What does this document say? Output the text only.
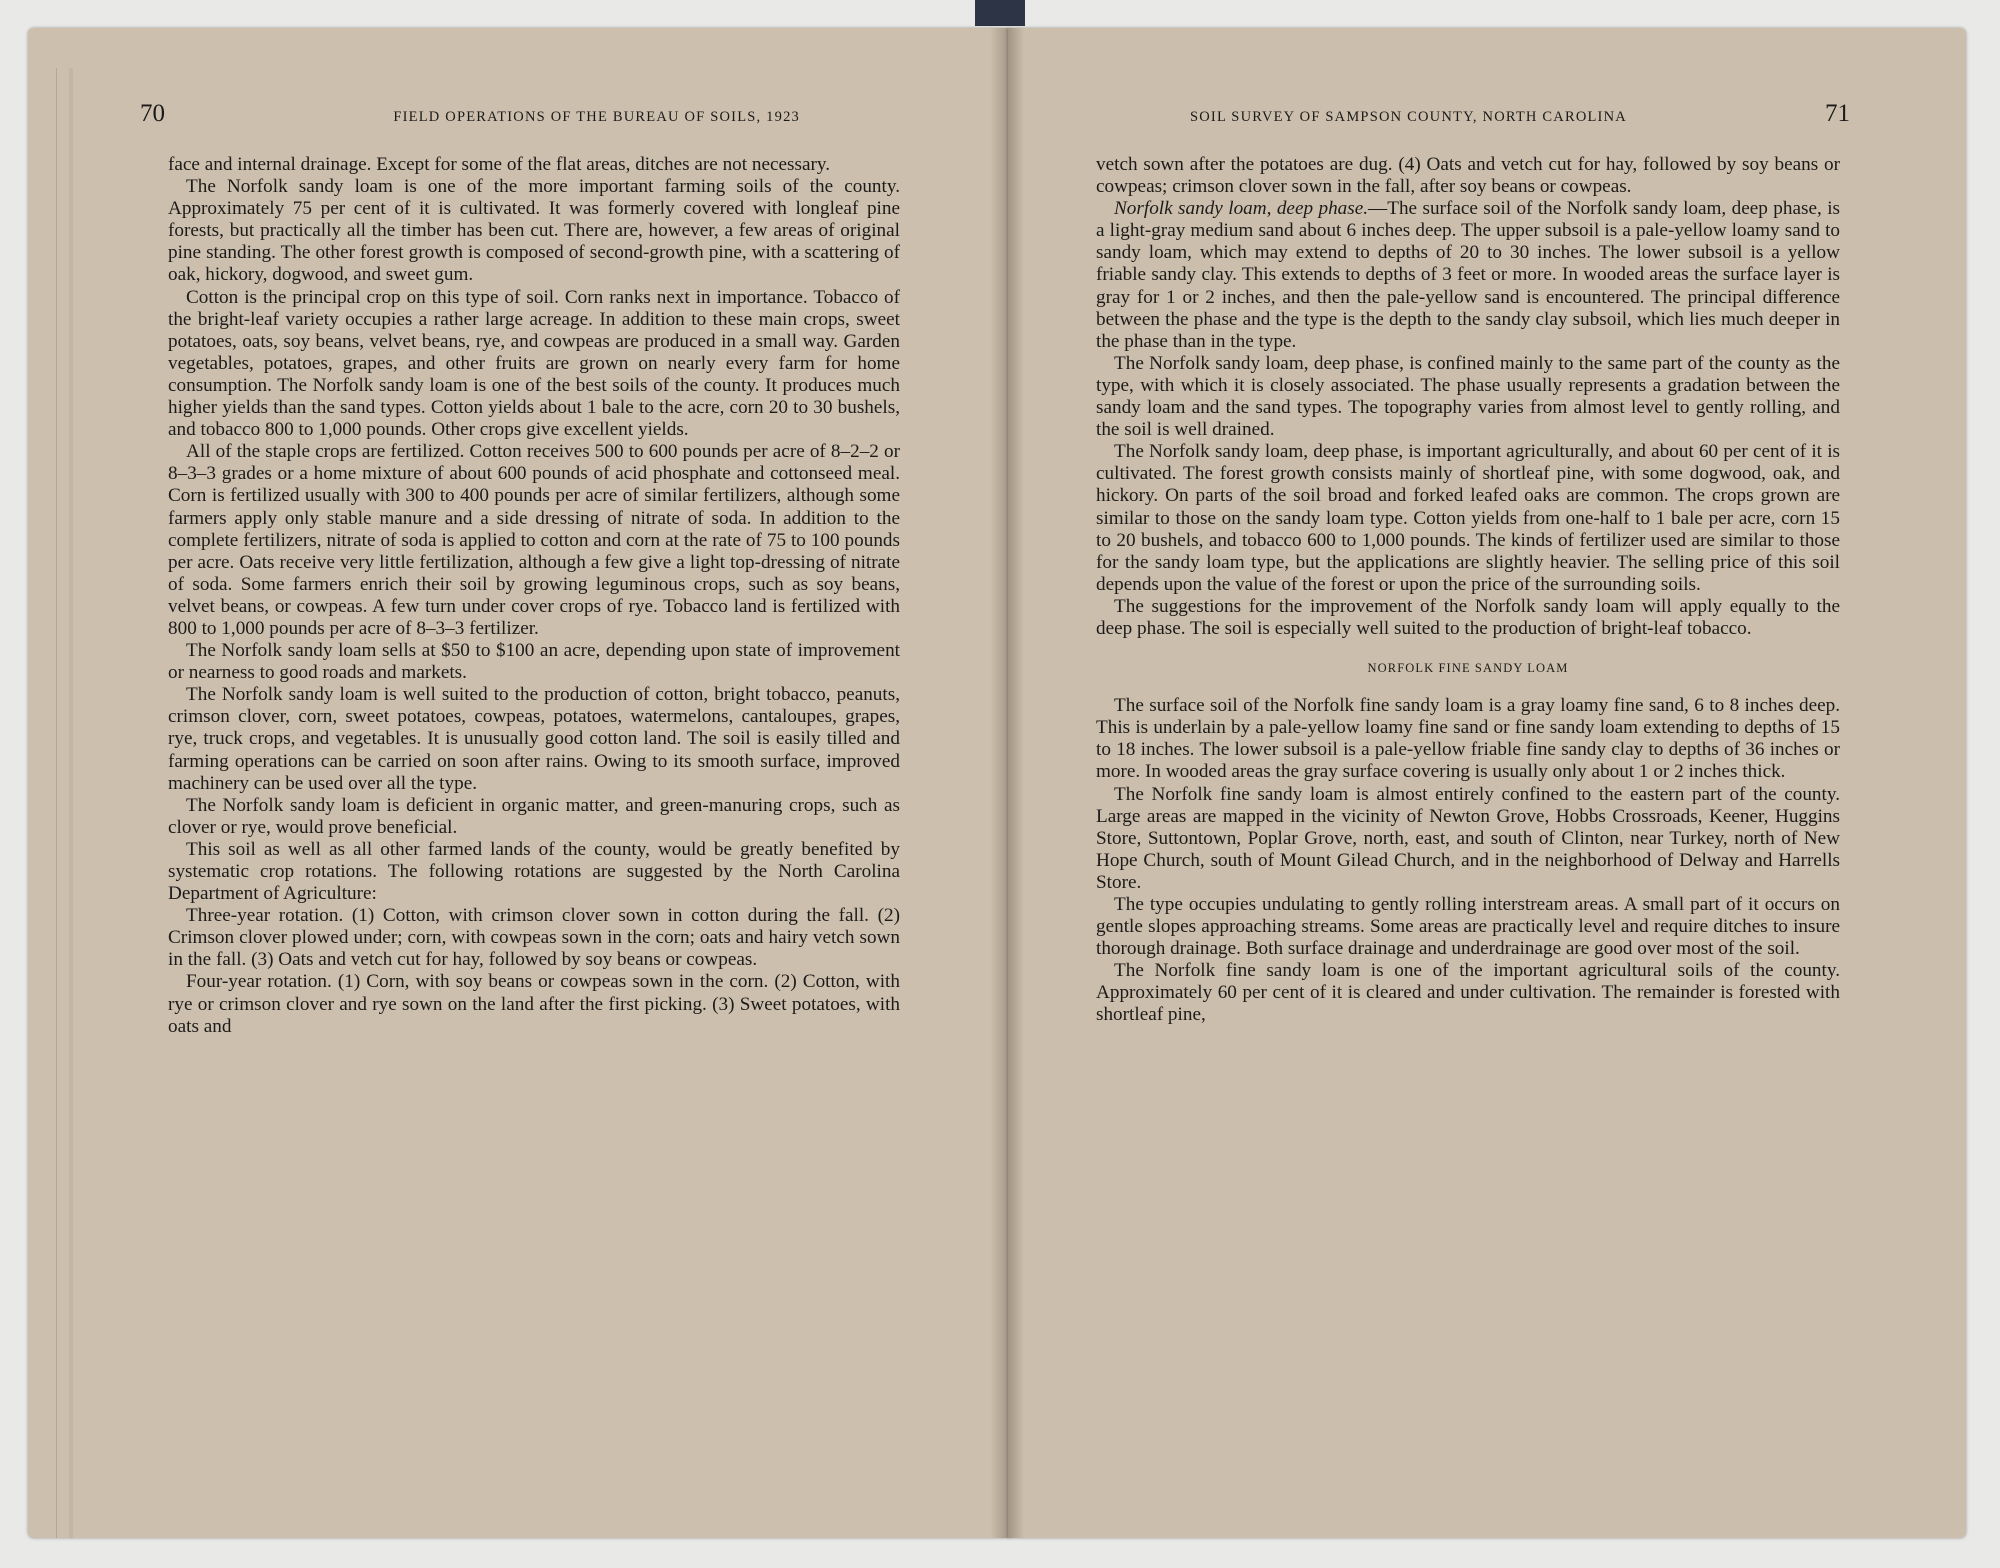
70	FIELD OPERATIONS OF THE BUREAU OF SOILS, 1923

face and internal drainage. Except for some of the flat areas, ditches are not necessary.

The Norfolk sandy loam is one of the more important farming soils of the county. Approximately 75 per cent of it is cultivated. It was formerly covered with longleaf pine forests, but practically all the timber has been cut. There are, however, a few areas of original pine standing. The other forest growth is composed of second-growth pine, with a scattering of oak, hickory, dogwood, and sweet gum.

Cotton is the principal crop on this type of soil. Corn ranks next in importance. Tobacco of the bright-leaf variety occupies a rather large acreage. In addition to these main crops, sweet potatoes, oats, soy beans, velvet beans, rye, and cowpeas are produced in a small way. Garden vegetables, potatoes, grapes, and other fruits are grown on nearly every farm for home consumption. The Norfolk sandy loam is one of the best soils of the county. It produces much higher yields than the sand types. Cotton yields about 1 bale to the acre, corn 20 to 30 bushels, and tobacco 800 to 1,000 pounds. Other crops give excellent yields.

All of the staple crops are fertilized. Cotton receives 500 to 600 pounds per acre of 8–2–2 or 8–3–3 grades or a home mixture of about 600 pounds of acid phosphate and cottonseed meal. Corn is fertilized usually with 300 to 400 pounds per acre of similar fertilizers, although some farmers apply only stable manure and a side dressing of nitrate of soda. In addition to the complete fertilizers, nitrate of soda is applied to cotton and corn at the rate of 75 to 100 pounds per acre. Oats receive very little fertilization, although a few give a light top-dressing of nitrate of soda. Some farmers enrich their soil by growing leguminous crops, such as soy beans, velvet beans, or cowpeas. A few turn under cover crops of rye. Tobacco land is fertilized with 800 to 1,000 pounds per acre of 8–3–3 fertilizer.

The Norfolk sandy loam sells at $50 to $100 an acre, depending upon state of improvement or nearness to good roads and markets.

The Norfolk sandy loam is well suited to the production of cotton, bright tobacco, peanuts, crimson clover, corn, sweet potatoes, cowpeas, potatoes, watermelons, cantaloupes, grapes, rye, truck crops, and vegetables. It is unusually good cotton land. The soil is easily tilled and farming operations can be carried on soon after rains. Owing to its smooth surface, improved machinery can be used over all the type.

The Norfolk sandy loam is deficient in organic matter, and green-manuring crops, such as clover or rye, would prove beneficial.

This soil as well as all other farmed lands of the county, would be greatly benefited by systematic crop rotations. The following rotations are suggested by the North Carolina Department of Agriculture:

Three-year rotation. (1) Cotton, with crimson clover sown in cotton during the fall. (2) Crimson clover plowed under; corn, with cowpeas sown in the corn; oats and hairy vetch sown in the fall. (3) Oats and vetch cut for hay, followed by soy beans or cowpeas.

Four-year rotation. (1) Corn, with soy beans or cowpeas sown in the corn. (2) Cotton, with rye or crimson clover and rye sown on the land after the first picking. (3) Sweet potatoes, with oats and

SOIL SURVEY OF SAMPSON COUNTY, NORTH CAROLINA	71

vetch sown after the potatoes are dug. (4) Oats and vetch cut for hay, followed by soy beans or cowpeas; crimson clover sown in the fall, after soy beans or cowpeas.

Norfolk sandy loam, deep phase.—The surface soil of the Norfolk sandy loam, deep phase, is a light-gray medium sand about 6 inches deep. The upper subsoil is a pale-yellow loamy sand to sandy loam, which may extend to depths of 20 to 30 inches. The lower subsoil is a yellow friable sandy clay. This extends to depths of 3 feet or more. In wooded areas the surface layer is gray for 1 or 2 inches, and then the pale-yellow sand is encountered. The principal difference between the phase and the type is the depth to the sandy clay subsoil, which lies much deeper in the phase than in the type.

The Norfolk sandy loam, deep phase, is confined mainly to the same part of the county as the type, with which it is closely associated. The phase usually represents a gradation between the sandy loam and the sand types. The topography varies from almost level to gently rolling, and the soil is well drained.

The Norfolk sandy loam, deep phase, is important agriculturally, and about 60 per cent of it is cultivated. The forest growth consists mainly of shortleaf pine, with some dogwood, oak, and hickory. On parts of the soil broad and forked leafed oaks are common. The crops grown are similar to those on the sandy loam type. Cotton yields from one-half to 1 bale per acre, corn 15 to 20 bushels, and tobacco 600 to 1,000 pounds. The kinds of fertilizer used are similar to those for the sandy loam type, but the applications are slightly heavier. The selling price of this soil depends upon the value of the forest or upon the price of the surrounding soils.

The suggestions for the improvement of the Norfolk sandy loam will apply equally to the deep phase. The soil is especially well suited to the production of bright-leaf tobacco.

NORFOLK FINE SANDY LOAM

The surface soil of the Norfolk fine sandy loam is a gray loamy fine sand, 6 to 8 inches deep. This is underlain by a pale-yellow loamy fine sand or fine sandy loam extending to depths of 15 to 18 inches. The lower subsoil is a pale-yellow friable fine sandy clay to depths of 36 inches or more. In wooded areas the gray surface covering is usually only about 1 or 2 inches thick.

The Norfolk fine sandy loam is almost entirely confined to the eastern part of the county. Large areas are mapped in the vicinity of Newton Grove, Hobbs Crossroads, Keener, Huggins Store, Suttontown, Poplar Grove, north, east, and south of Clinton, near Turkey, north of New Hope Church, south of Mount Gilead Church, and in the neighborhood of Delway and Harrells Store.

The type occupies undulating to gently rolling interstream areas. A small part of it occurs on gentle slopes approaching streams. Some areas are practically level and require ditches to insure thorough drainage. Both surface drainage and underdrainage are good over most of the soil.

The Norfolk fine sandy loam is one of the important agricultural soils of the county. Approximately 60 per cent of it is cleared and under cultivation. The remainder is forested with shortleaf pine,
